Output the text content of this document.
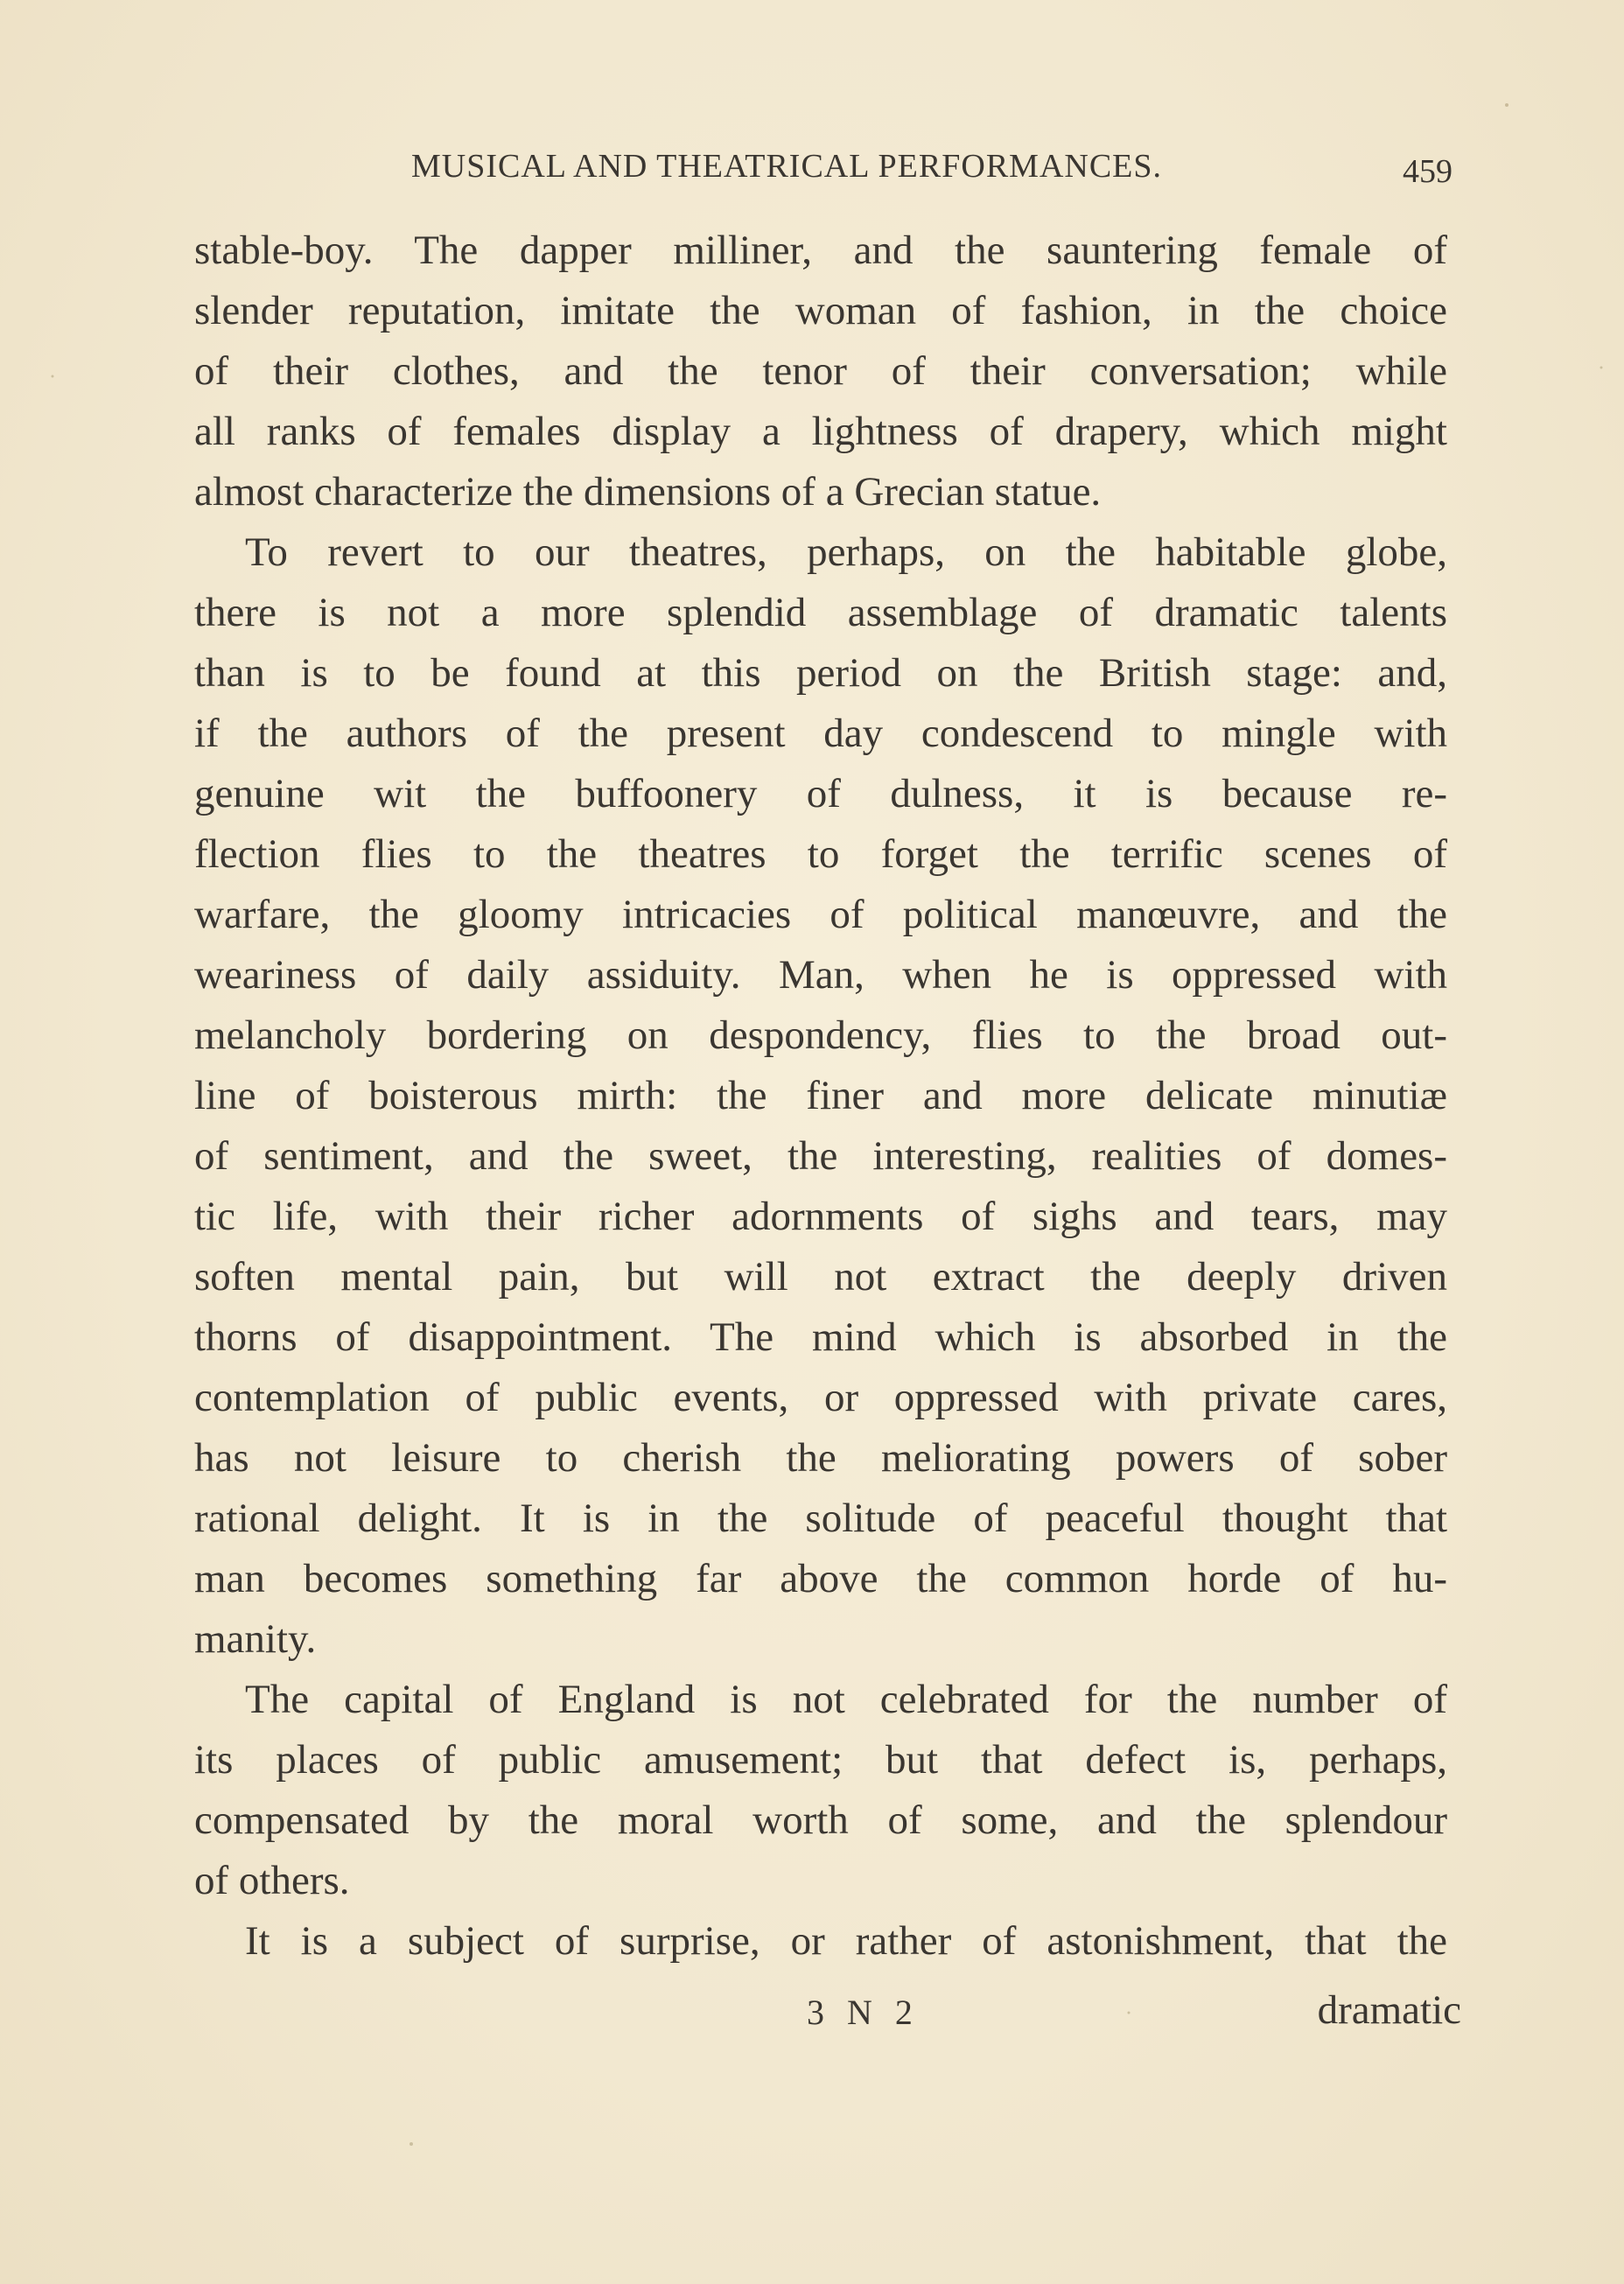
MUSICAL AND THEATRICAL PERFORMANCES.	459
stable-boy. The dapper milliner, and the sauntering female of
slender reputation, imitate the woman of fashion, in the choice
of their clothes, and the tenor of their conversation; while
all ranks of females display a lightness of drapery, which might
almost characterize the dimensions of a Grecian statue.
To revert to our theatres, perhaps, on the habitable globe,
there is not a more splendid assemblage of dramatic talents
than is to be found at this period on the British stage: and,
if the authors of the present day condescend to mingle with
genuine wit the buffoonery of dulness, it is because re-
flection flies to the theatres to forget the terrific scenes of
warfare, the gloomy intricacies of political manœuvre, and the
weariness of daily assiduity. Man, when he is oppressed with
melancholy bordering on despondency, flies to the broad out-
line of boisterous mirth: the finer and more delicate minutiæ
of sentiment, and the sweet, the interesting, realities of domes-
tic life, with their richer adornments of sighs and tears, may
soften mental pain, but will not extract the deeply driven
thorns of disappointment. The mind which is absorbed in the
contemplation of public events, or oppressed with private cares,
has not leisure to cherish the meliorating powers of sober
rational delight. It is in the solitude of peaceful thought that
man becomes something far above the common horde of hu-
manity.
The capital of England is not celebrated for the number of
its places of public amusement; but that defect is, perhaps,
compensated by the moral worth of some, and the splendour
of others.
It is a subject of surprise, or rather of astonishment, that the
3 N 2	dramatic
